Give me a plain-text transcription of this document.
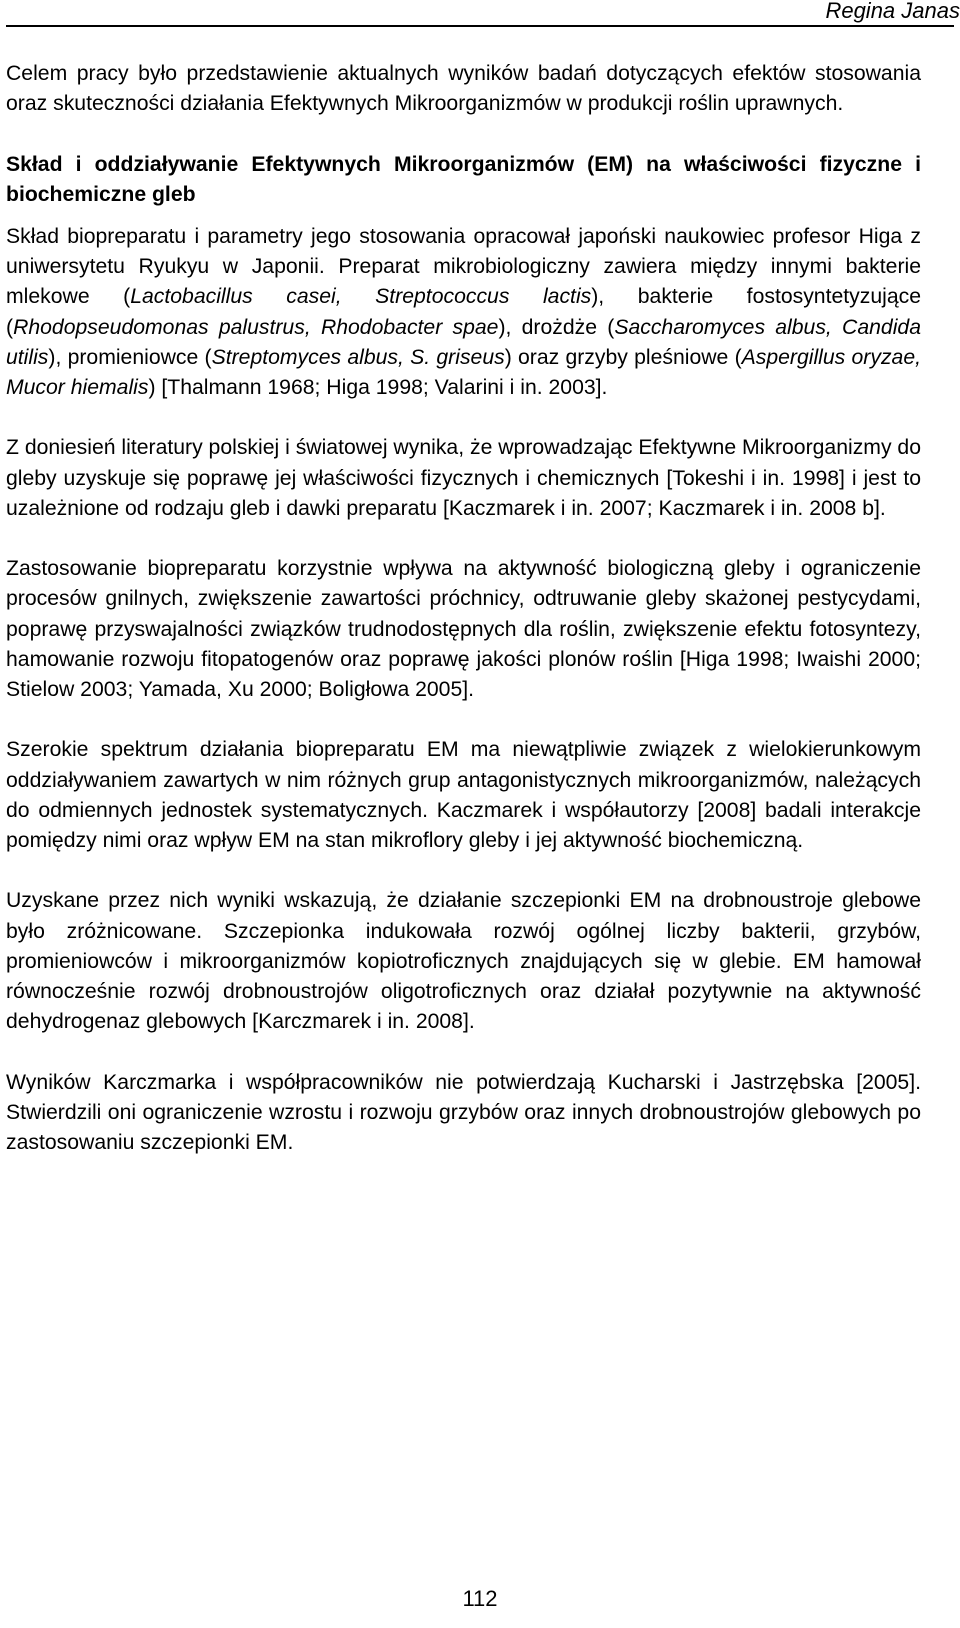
Regina Janas

Celem pracy było przedstawienie aktualnych wyników badań dotyczących efektów stosowania oraz skuteczności działania Efektywnych Mikroorganizmów w produkcji roślin uprawnych.

Skład i oddziaływanie Efektywnych Mikroorganizmów (EM) na właściwości fizyczne i biochemiczne gleb

Skład biopreparatu i parametry jego stosowania opracował japoński naukowiec profesor Higa z uniwersytetu Ryukyu w Japonii. Preparat mikrobiologiczny zawiera między innymi bakterie mlekowe (Lactobacillus casei, Streptococcus lactis), bakterie fostosyntetyzujące (Rhodopseudomonas palustrus, Rhodobacter spae), drożdże (Saccharomyces albus, Candida utilis), promieniowce (Streptomyces albus, S. griseus) oraz grzyby pleśniowe (Aspergillus oryzae, Mucor hiemalis) [Thalmann 1968; Higa 1998; Valarini i in. 2003].

Z doniesień literatury polskiej i światowej wynika, że wprowadzając Efektywne Mikroorganizmy do gleby uzyskuje się poprawę jej właściwości fizycznych i chemicznych [Tokeshi i in. 1998] i jest to uzależnione od rodzaju gleb i dawki preparatu [Kaczmarek i in. 2007; Kaczmarek i in. 2008 b].

Zastosowanie biopreparatu korzystnie wpływa na aktywność biologiczną gleby i ograniczenie procesów gnilnych, zwiększenie zawartości próchnicy, odtruwanie gleby skażonej pestycydami, poprawę przyswajalności związków trudnodostępnych dla roślin, zwiększenie efektu fotosyntezy, hamowanie rozwoju fitopatogenów oraz poprawę jakości plonów roślin [Higa 1998; Iwaishi 2000; Stielow 2003; Yamada, Xu 2000; Boligłowa 2005].

Szerokie spektrum działania biopreparatu EM ma niewątpliwie związek z wielokierunkowym oddziaływaniem zawartych w nim różnych grup antagonistycznych mikroorganizmów, należących do odmiennych jednostek systematycznych. Kaczmarek i współautorzy [2008] badali interakcje pomiędzy nimi oraz wpływ EM na stan mikroflory gleby i jej aktywność biochemiczną.

Uzyskane przez nich wyniki wskazują, że działanie szczepionki EM na drobnoustroje glebowe było zróżnicowane. Szczepionka indukowała rozwój ogólnej liczby bakterii, grzybów, promieniowców i mikroorganizmów kopiotroficznych znajdujących się w glebie. EM hamował równocześnie rozwój drobnoustrojów oligotroficznych oraz działał pozytywnie na aktywność dehydrogenaz glebowych [Karczmarek i in. 2008].

Wyników Karczmarka i współpracowników nie potwierdzają Kucharski i Jastrzębska [2005]. Stwierdzili oni ograniczenie wzrostu i rozwoju grzybów oraz innych drobnoustrojów glebowych po zastosowaniu szczepionki EM.

112
